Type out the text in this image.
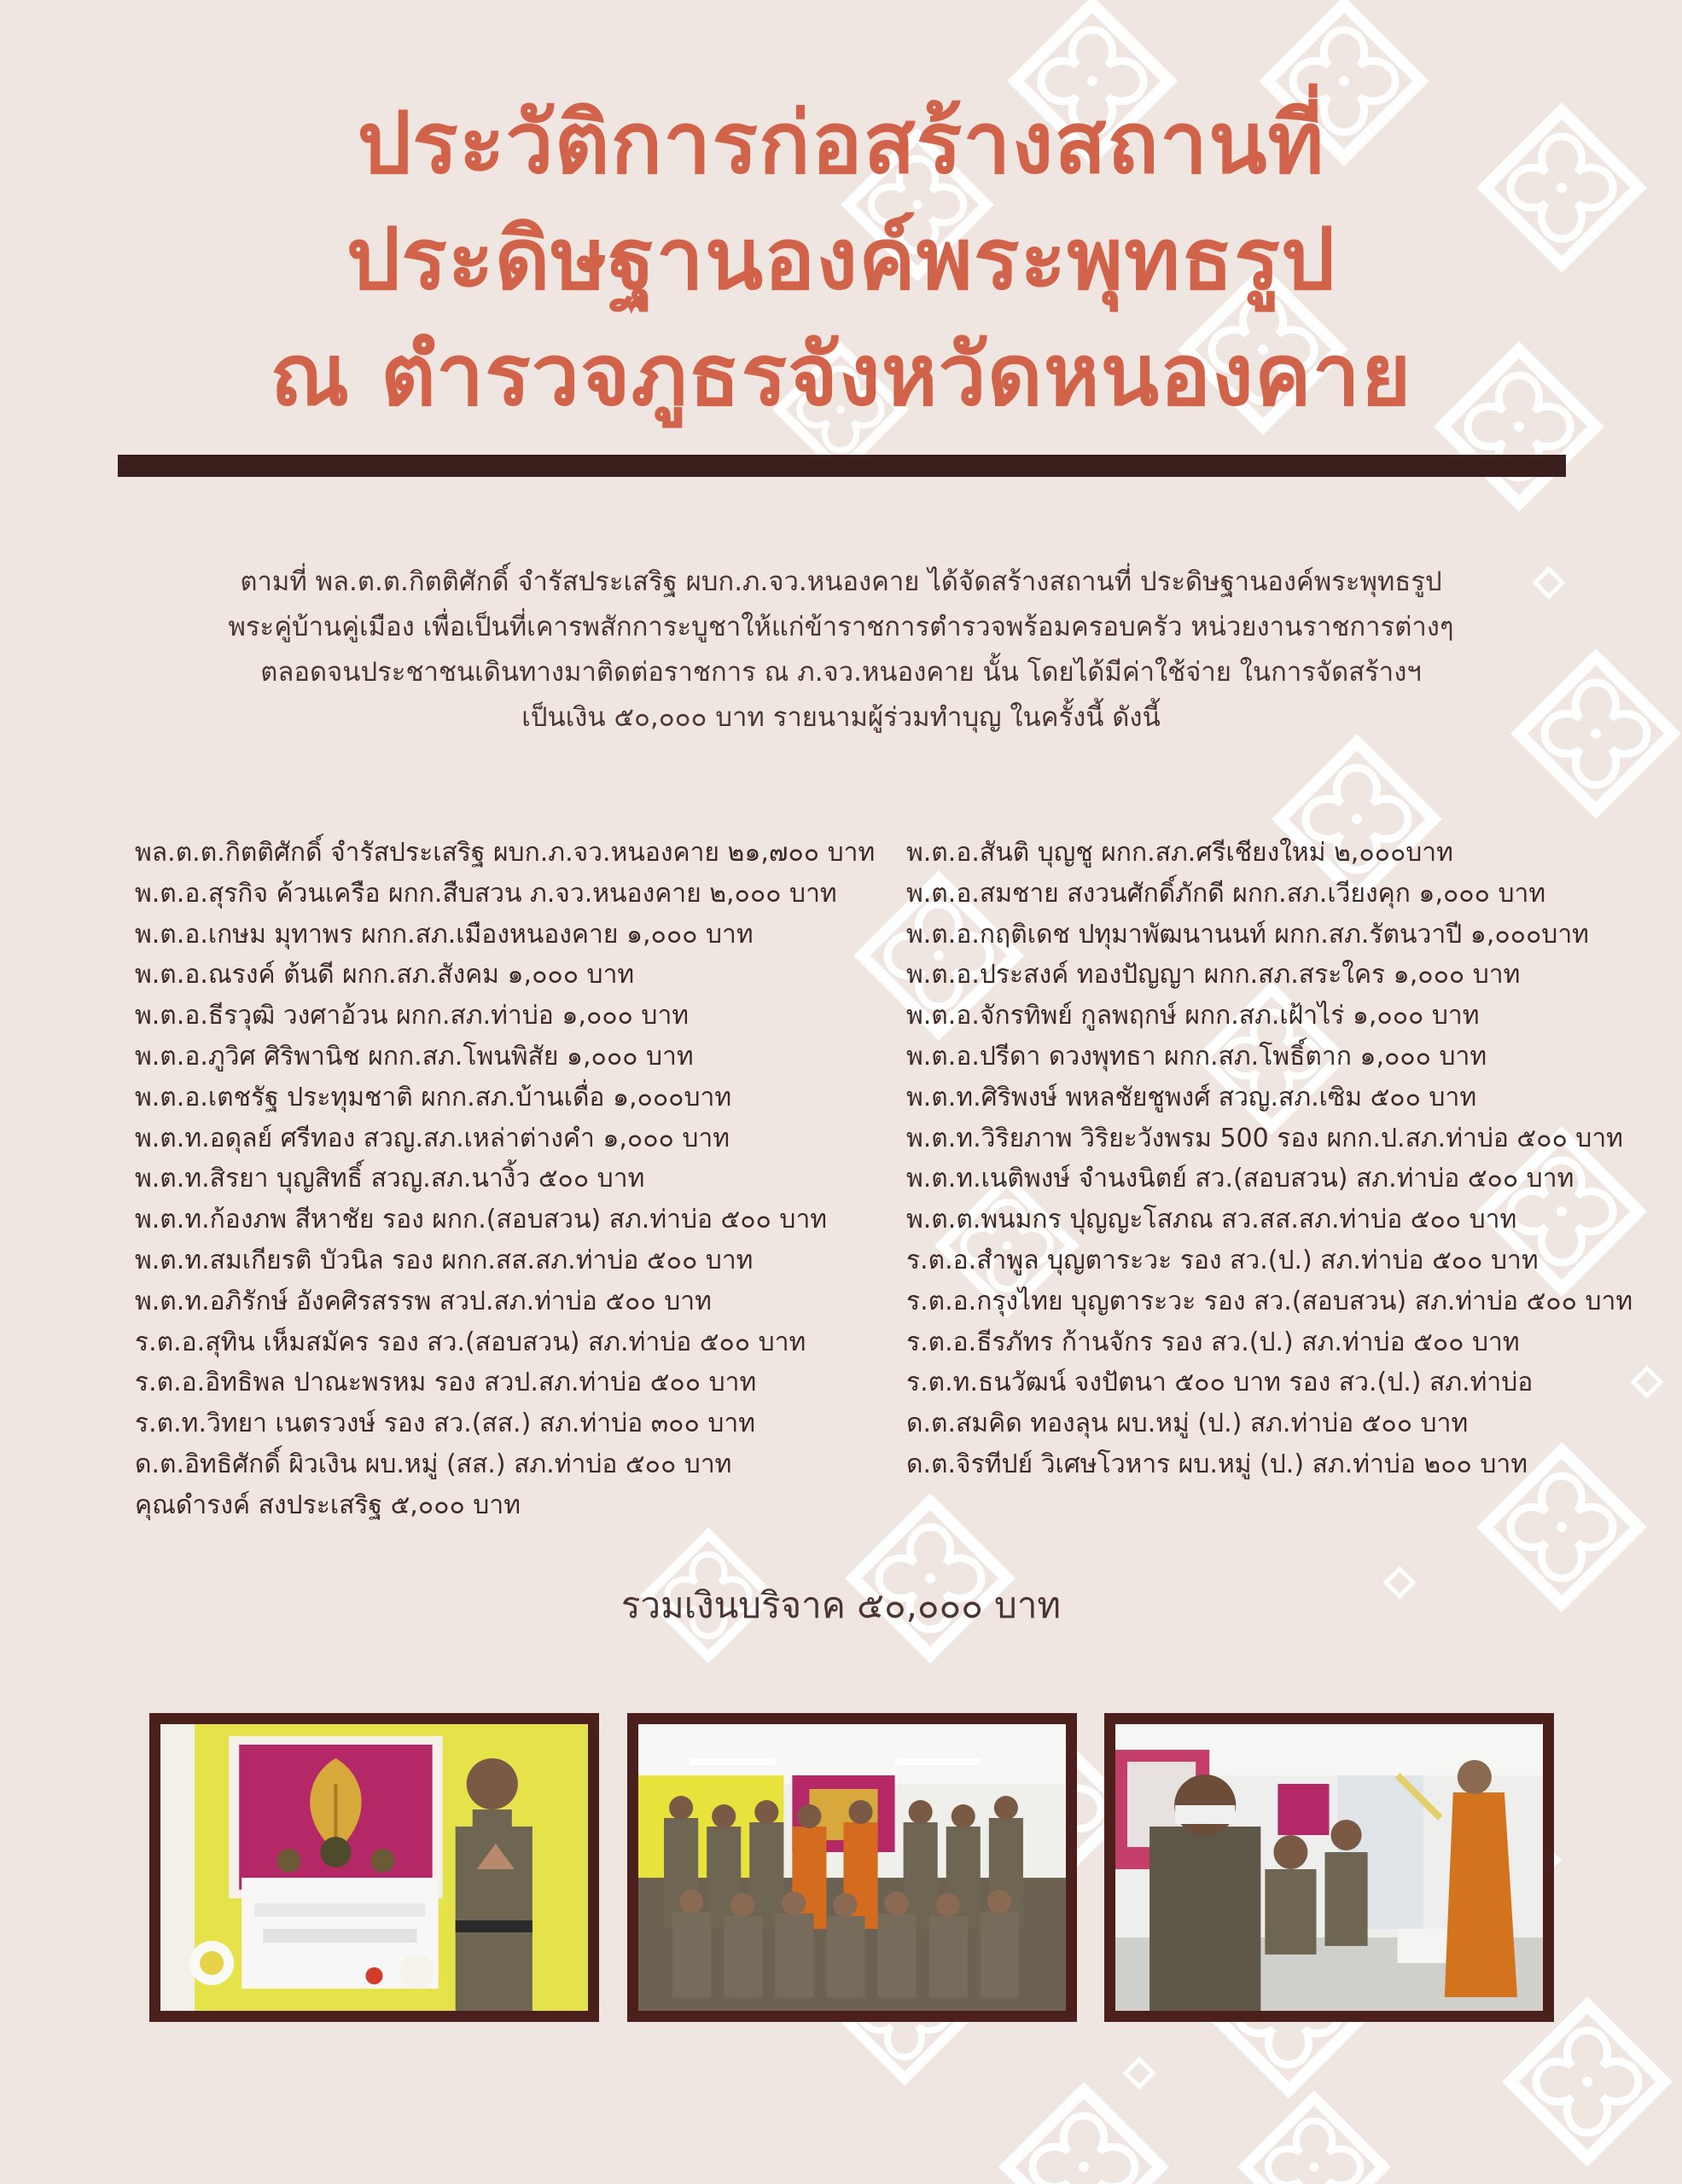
ประวัติการก่อสร้างสถานที่
ประดิษฐานองค์พระพุทธรูป
ณ ตำรวจภูธรจังหวัดหนองคาย

ตามที่ พล.ต.ต.กิตติศักดิ์ จำรัสประเสริฐ ผบก.ภ.จว.หนองคาย ได้จัดสร้างสถานที่ ประดิษฐานองค์พระพุทธรูป

พระคู่บ้านคู่เมือง เพื่อเป็นที่เคารพสักการะบูชาให้แก่ข้าราชการตำรวจพร้อมครอบครัว หน่วยงานราชการต่างๆ

ตลอดจนประชาชนเดินทางมาติดต่อราชการ ณ ภ.จว.หนองคาย นั้น โดยได้มีค่าใช้จ่าย ในการจัดสร้างฯ

เป็นเงิน ๕๐,๐๐๐ บาท รายนามผู้ร่วมทำบุญ ในครั้งนี้ ดังนี้

พล.ต.ต.กิตติศักดิ์ จำรัสประเสริฐ ผบก.ภ.จว.หนองคาย ๒๑,๗๐๐ บาท
พ.ต.อ.สุรกิจ ค้วนเครือ ผกก.สืบสวน ภ.จว.หนองคาย ๒,๐๐๐ บาท
พ.ต.อ.เกษม มุทาพร ผกก.สภ.เมืองหนองคาย ๑,๐๐๐ บาท
พ.ต.อ.ณรงค์ ต้นดี ผกก.สภ.สังคม ๑,๐๐๐ บาท
พ.ต.อ.ธีรวุฒิ วงศาอ้วน ผกก.สภ.ท่าบ่อ ๑,๐๐๐ บาท
พ.ต.อ.ภูวิศ ศิริพานิช ผกก.สภ.โพนพิสัย ๑,๐๐๐ บาท
พ.ต.อ.เตชรัฐ ประทุมชาติ ผกก.สภ.บ้านเดื่อ ๑,๐๐๐บาท
พ.ต.ท.อดุลย์ ศรีทอง สวญ.สภ.เหล่าต่างคำ ๑,๐๐๐ บาท
พ.ต.ท.สิรยา บุญสิทธิ์ สวญ.สภ.นางิ้ว ๕๐๐ บาท
พ.ต.ท.ก้องภพ สีหาชัย รอง ผกก.(สอบสวน) สภ.ท่าบ่อ ๕๐๐ บาท
พ.ต.ท.สมเกียรติ บัวนิล รอง ผกก.สส.สภ.ท่าบ่อ ๕๐๐ บาท
พ.ต.ท.อภิรักษ์ อังคศิรสรรพ สวป.สภ.ท่าบ่อ ๕๐๐ บาท
ร.ต.อ.สุทิน เห็มสมัคร รอง สว.(สอบสวน) สภ.ท่าบ่อ ๕๐๐ บาท
ร.ต.อ.อิทธิพล ปาณะพรหม รอง สวป.สภ.ท่าบ่อ ๕๐๐ บาท
ร.ต.ท.วิทยา เนตรวงษ์ รอง สว.(สส.) สภ.ท่าบ่อ ๓๐๐ บาท
ด.ต.อิทธิศักดิ์ ผิวเงิน ผบ.หมู่ (สส.) สภ.ท่าบ่อ ๕๐๐ บาท
คุณดำรงค์ สงประเสริฐ ๕,๐๐๐ บาท
พ.ต.อ.สันติ บุญชู ผกก.สภ.ศรีเชียงใหม่ ๒,๐๐๐บาท
พ.ต.อ.สมชาย สงวนศักดิ์ภักดี ผกก.สภ.เวียงคุก ๑,๐๐๐ บาท
พ.ต.อ.กฤติเดช ปทุมาพัฒนานนท์ ผกก.สภ.รัตนวาปี ๑,๐๐๐บาท
พ.ต.อ.ประสงค์ ทองปัญญา ผกก.สภ.สระใคร ๑,๐๐๐ บาท
พ.ต.อ.จักรทิพย์ กูลพฤกษ์ ผกก.สภ.เฝ้าไร่ ๑,๐๐๐ บาท
พ.ต.อ.ปรีดา ดวงพุทธา ผกก.สภ.โพธิ์ตาก ๑,๐๐๐ บาท
พ.ต.ท.ศิริพงษ์ พหลชัยชูพงศ์ สวญ.สภ.เซิม ๕๐๐ บาท
พ.ต.ท.วิริยภาพ วิริยะวังพรม 500 รอง ผกก.ป.สภ.ท่าบ่อ ๕๐๐ บาท
พ.ต.ท.เนติพงษ์ จำนงนิตย์ สว.(สอบสวน) สภ.ท่าบ่อ ๕๐๐ บาท
พ.ต.ต.พนมกร ปุญญะโสภณ สว.สส.สภ.ท่าบ่อ ๕๐๐ บาท
ร.ต.อ.สำพูล บุญตาระวะ รอง สว.(ป.) สภ.ท่าบ่อ ๕๐๐ บาท
ร.ต.อ.กรุงไทย บุญตาระวะ รอง สว.(สอบสวน) สภ.ท่าบ่อ ๕๐๐ บาท
ร.ต.อ.ธีรภัทร ก้านจักร รอง สว.(ป.) สภ.ท่าบ่อ ๕๐๐ บาท
ร.ต.ท.ธนวัฒน์ จงปัตนา ๕๐๐ บาท รอง สว.(ป.) สภ.ท่าบ่อ
ด.ต.สมคิด ทองลุน ผบ.หมู่ (ป.) สภ.ท่าบ่อ ๕๐๐ บาท
ด.ต.จิรทีปย์ วิเศษโวหาร ผบ.หมู่ (ป.) สภ.ท่าบ่อ ๒๐๐ บาท
รวมเงินบริจาค ๕๐,๐๐๐ บาท
